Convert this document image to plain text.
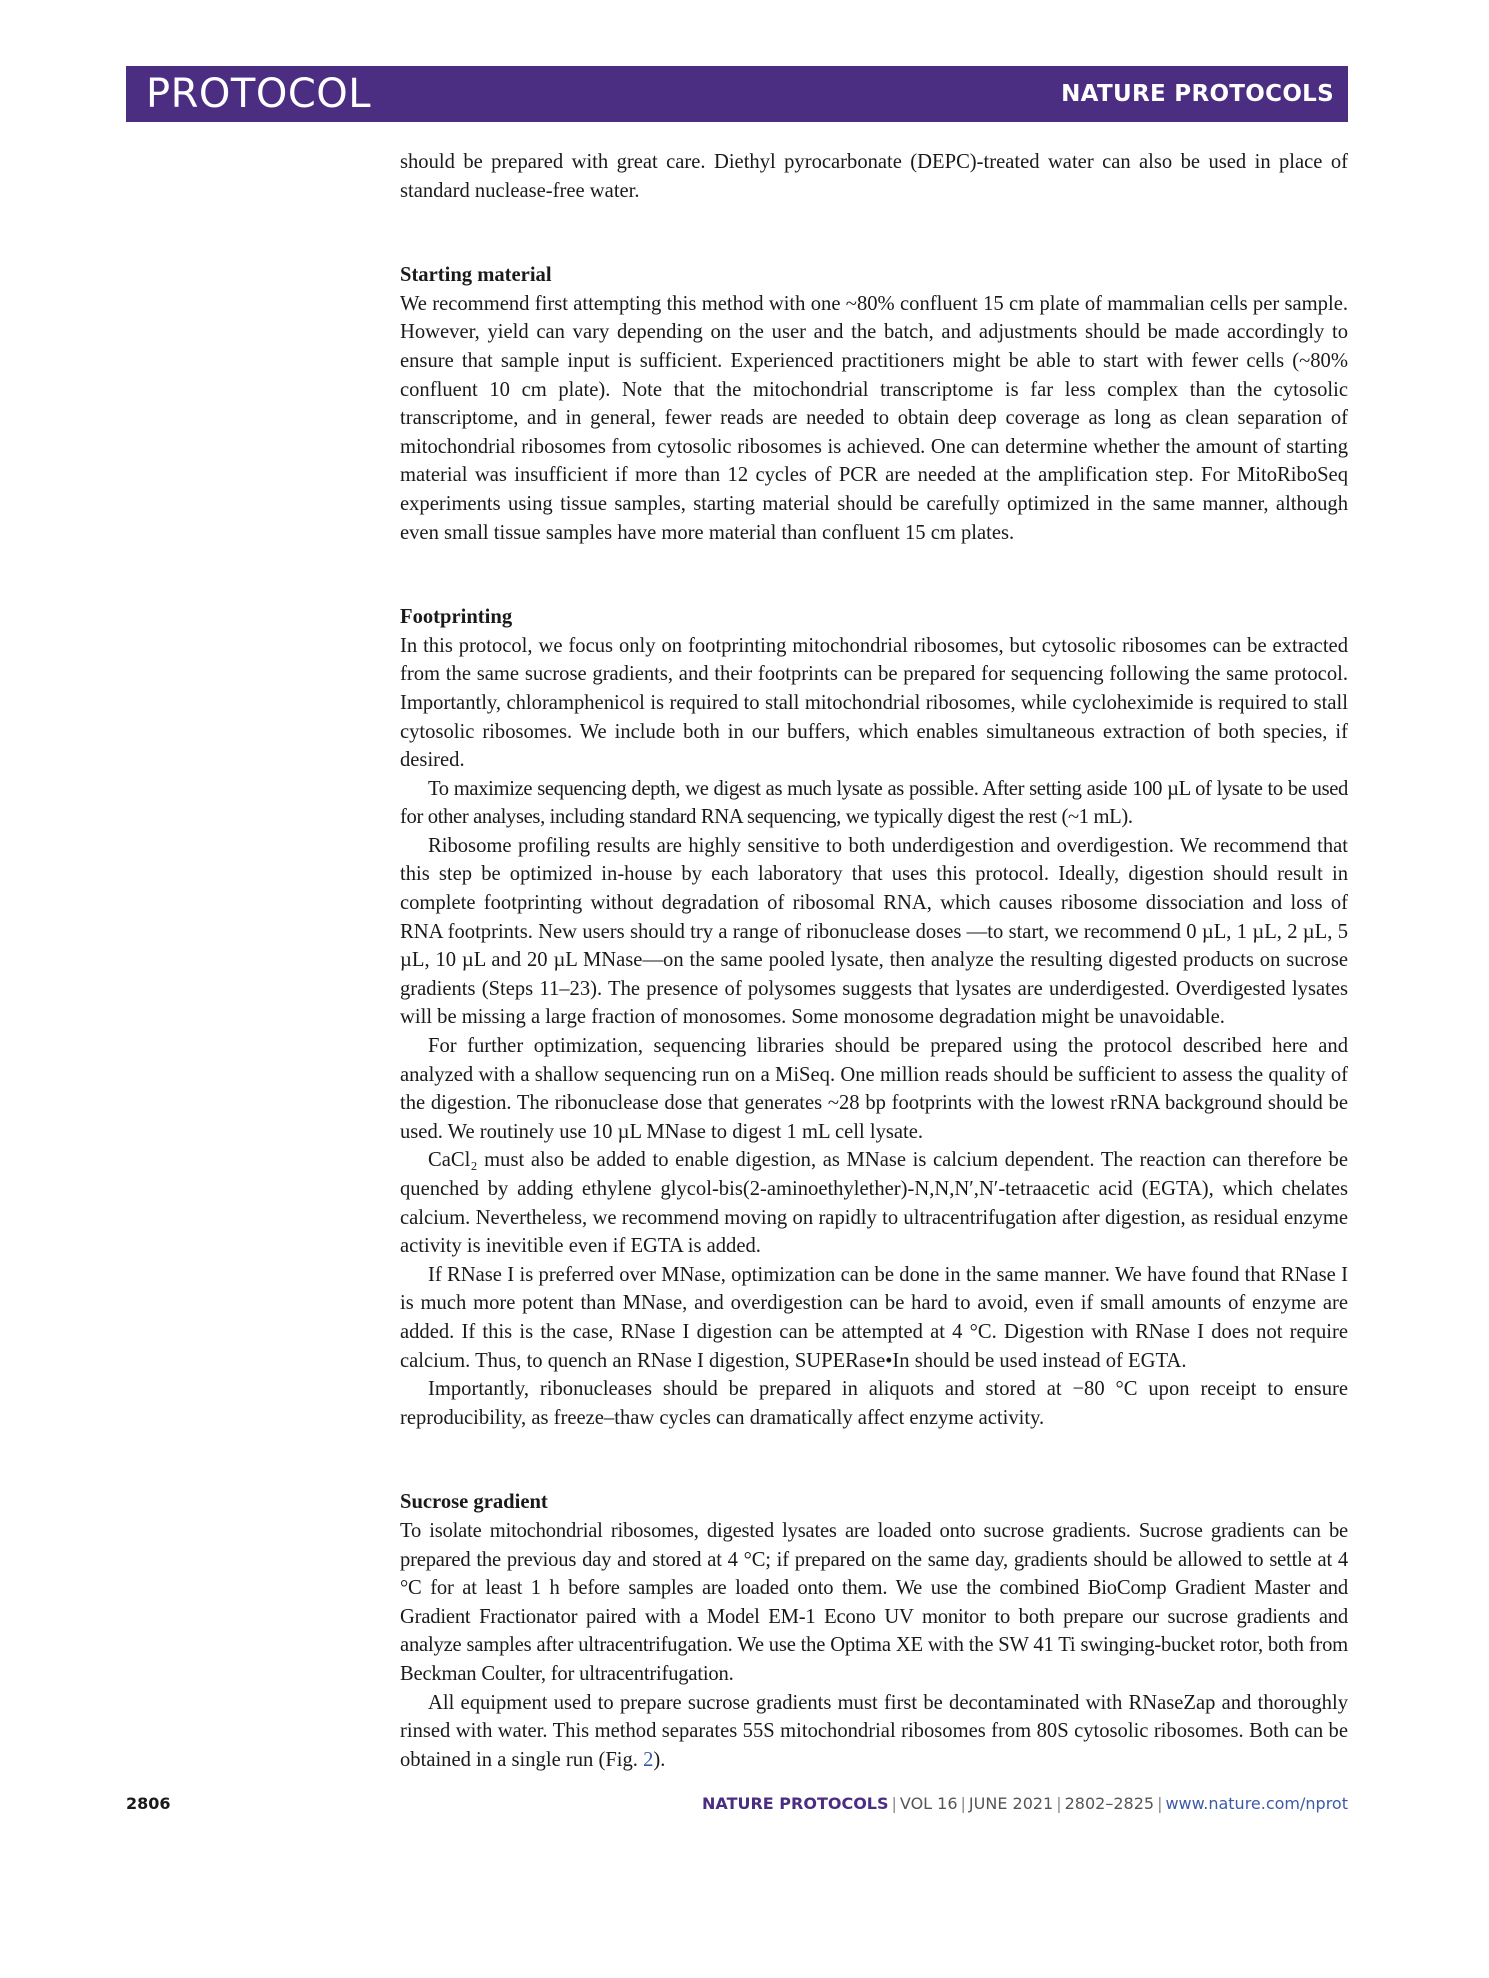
PROTOCOL	NATURE PROTOCOLS

should be prepared with great care. Diethyl pyrocarbonate (DEPC)-treated water can also be used in place of standard nuclease-free water.

Starting material

We recommend first attempting this method with one ~80% confluent 15 cm plate of mammalian cells per sample. However, yield can vary depending on the user and the batch, and adjustments should be made accordingly to ensure that sample input is sufficient. Experienced practitioners might be able to start with fewer cells (~80% confluent 10 cm plate). Note that the mitochondrial transcriptome is far less complex than the cytosolic transcriptome, and in general, fewer reads are needed to obtain deep coverage as long as clean separation of mitochondrial ribosomes from cytosolic ribosomes is achieved. One can determine whether the amount of starting material was insufficient if more than 12 cycles of PCR are needed at the amplification step. For MitoRiboSeq experiments using tissue samples, starting material should be carefully optimized in the same manner, although even small tissue samples have more material than confluent 15 cm plates.

Footprinting

In this protocol, we focus only on footprinting mitochondrial ribosomes, but cytosolic ribosomes can be extracted from the same sucrose gradients, and their footprints can be prepared for sequencing following the same protocol. Importantly, chloramphenicol is required to stall mitochondrial ribosomes, while cycloheximide is required to stall cytosolic ribosomes. We include both in our buffers, which enables simultaneous extraction of both species, if desired.

To maximize sequencing depth, we digest as much lysate as possible. After setting aside 100 µL of lysate to be used for other analyses, including standard RNA sequencing, we typically digest the rest (~1 mL).

Ribosome profiling results are highly sensitive to both underdigestion and overdigestion. We recommend that this step be optimized in-house by each laboratory that uses this protocol. Ideally, digestion should result in complete footprinting without degradation of ribosomal RNA, which causes ribosome dissociation and loss of RNA footprints. New users should try a range of ribonuclease doses —to start, we recommend 0 µL, 1 µL, 2 µL, 5 µL, 10 µL and 20 µL MNase—on the same pooled lysate, then analyze the resulting digested products on sucrose gradients (Steps 11–23). The presence of polysomes suggests that lysates are underdigested. Overdigested lysates will be missing a large fraction of monosomes. Some monosome degradation might be unavoidable.

For further optimization, sequencing libraries should be prepared using the protocol described here and analyzed with a shallow sequencing run on a MiSeq. One million reads should be sufficient to assess the quality of the digestion. The ribonuclease dose that generates ~28 bp footprints with the lowest rRNA background should be used. We routinely use 10 µL MNase to digest 1 mL cell lysate.

CaCl₂ must also be added to enable digestion, as MNase is calcium dependent. The reaction can therefore be quenched by adding ethylene glycol-bis(2-aminoethylether)-N,N,N′,N′-tetraacetic acid (EGTA), which chelates calcium. Nevertheless, we recommend moving on rapidly to ultracentrifugation after digestion, as residual enzyme activity is inevitible even if EGTA is added.

If RNase I is preferred over MNase, optimization can be done in the same manner. We have found that RNase I is much more potent than MNase, and overdigestion can be hard to avoid, even if small amounts of enzyme are added. If this is the case, RNase I digestion can be attempted at 4 °C. Digestion with RNase I does not require calcium. Thus, to quench an RNase I digestion, SUPERase•In should be used instead of EGTA.

Importantly, ribonucleases should be prepared in aliquots and stored at −80 °C upon receipt to ensure reproducibility, as freeze–thaw cycles can dramatically affect enzyme activity.

Sucrose gradient

To isolate mitochondrial ribosomes, digested lysates are loaded onto sucrose gradients. Sucrose gradients can be prepared the previous day and stored at 4 °C; if prepared on the same day, gradients should be allowed to settle at 4 °C for at least 1 h before samples are loaded onto them. We use the combined BioComp Gradient Master and Gradient Fractionator paired with a Model EM-1 Econo UV monitor to both prepare our sucrose gradients and analyze samples after ultracentrifugation. We use the Optima XE with the SW 41 Ti swinging-bucket rotor, both from Beckman Coulter, for ultracentrifugation.

All equipment used to prepare sucrose gradients must first be decontaminated with RNaseZap and thoroughly rinsed with water. This method separates 55S mitochondrial ribosomes from 80S cytosolic ribosomes. Both can be obtained in a single run (Fig. 2).

2806	NATURE PROTOCOLS | VOL 16 | JUNE 2021 | 2802–2825 | www.nature.com/nprot
